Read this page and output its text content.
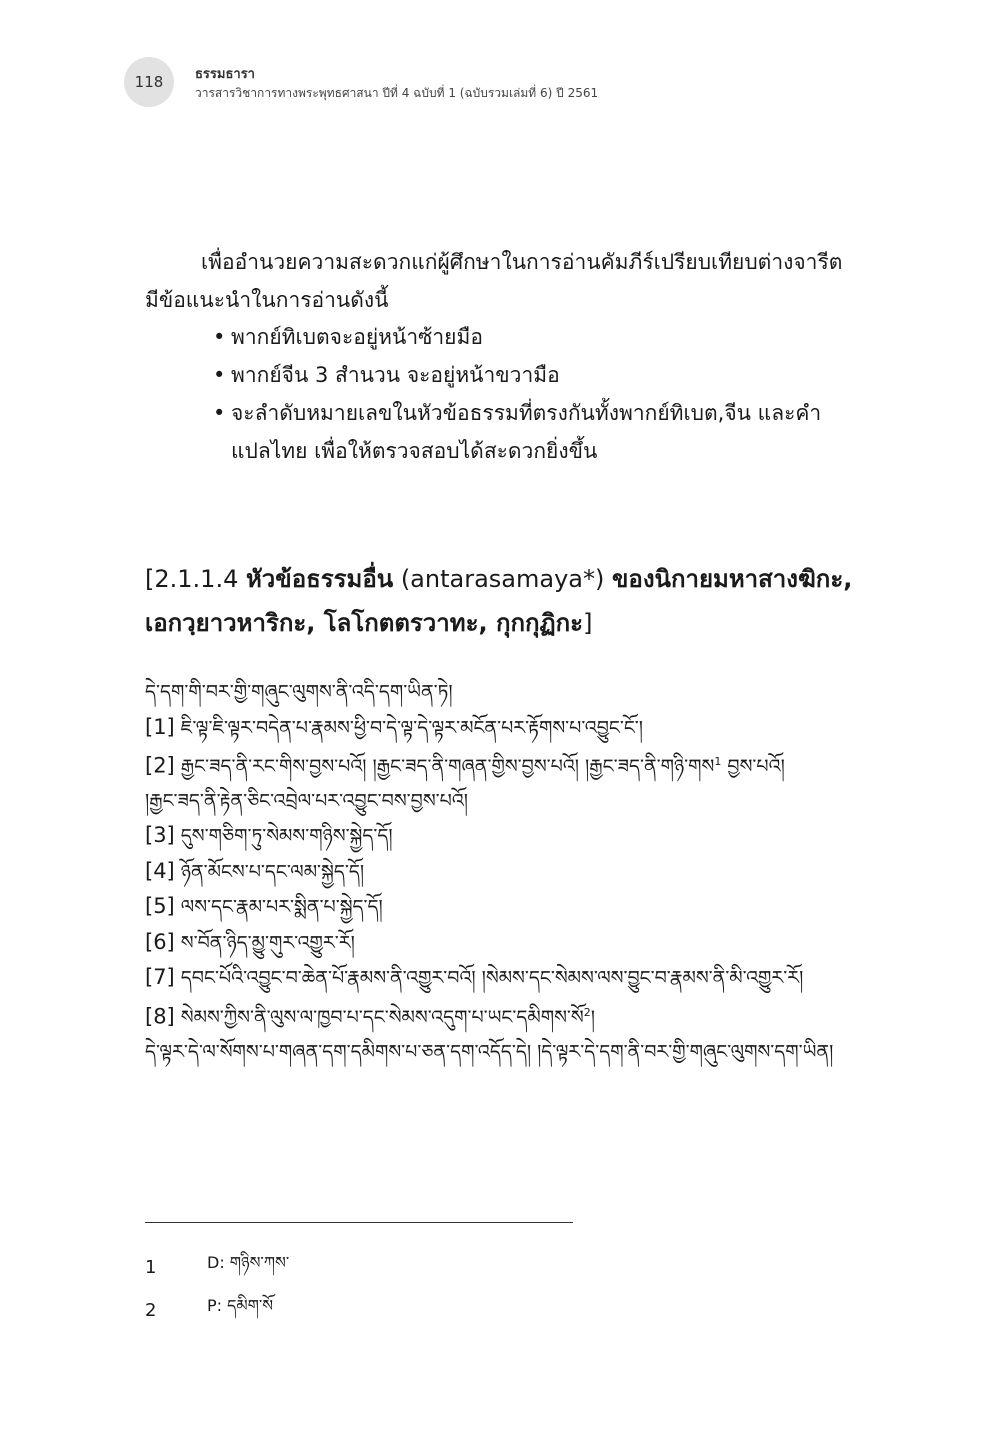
118 ธรรมธารา
วารสารวิชาการทางพระพุทธศาสนา ปีที่ 4 ฉบับที่ 1 (ฉบับรวมเล่มที่ 6) ปี 2561

เพื่ออำนวยความสะดวกแก่ผู้ศึกษาในการอ่านคัมภีร์เปรียบเทียบต่างจารีต มีข้อแนะนำในการอ่านดังนี้

• พากย์ทิเบตจะอยู่หน้าซ้ายมือ
• พากย์จีน 3 สำนวน จะอยู่หน้าขวามือ
• จะลำดับหมายเลขในหัวข้อธรรมที่ตรงกันทั้งพากย์ทิเบต,จีน และคำแปลไทย เพื่อให้ตรวจสอบได้สะดวกยิ่งขึ้น
[2.1.1.4 หัวข้อธรรมอื่น (antarasamaya*) ของนิกายมหาสางฆิกะ, เอกวฺยาวหาริกะ, โลโกตตรวาทะ, กุกกุฏิกะ]
དེ་དག་གི་བར་གྱི་གཞུང་ལུགས་ནི་འདི་དག་ཡིན་ཏེ།
[1] ཇི་ལྟ་ཇི་ལྟར་བདེན་པ་རྣམས་ཕྱི་བ་དེ་ལྟ་དེ་ལྟར་མངོན་པར་རྟོགས་པ་འབྱུང་ངོ་།
[2] རྒྱང་ཟད་ནི་རང་གིས་བྱས་པའོ། །རྒྱང་ཟད་ནི་གཞན་གྱིས་བྱས་པའོ། །རྒྱང་ཟད་ནི་གཉི་གས$^1$ བྱས་པའོ།
།རྒྱང་ཟད་ནི་རྟེན་ཅིང་འབྲེལ་པར་འབྱུང་བས་བྱས་པའོ།
[3] དུས་གཅིག་ཏུ་སེམས་གཉིས་སྐྱེད་དོ།
[4] ཉོན་མོངས་པ་དང་ལམ་སྐྱེད་དོ།
[5] ལས་དང་རྣམ་པར་སྨིན་པ་སྐྱེད་དོ།
[6] ས་བོན་ཉིད་མྱུ་གུར་འགྱུར་རོ།
[7] དབང་པོའི་འབྱུང་བ་ཆེན་པོ་རྣམས་ནི་འགྱུར་བའོ། །སེམས་དང་སེམས་ལས་བྱུང་བ་རྣམས་ནི་མི་འགྱུར་རོ།
[8] སེམས་ཀྱིས་ནི་ལུས་ལ་ཁྱབ་པ་དང་སེམས་འདུག་པ་ཡང་དམིགས་སོ$^2$།
དེ་ལྟར་དེ་ལ་སོགས་པ་གཞན་དག་དམིགས་པ་ཅན་དག་འདོད་དེ། །དེ་ལྟར་དེ་དག་ནི་བར་གྱི་གཞུང་ལུགས་དག་ཡིན།
1	D: གཉིས་ཀས་
2	P: དམིག་སོ
